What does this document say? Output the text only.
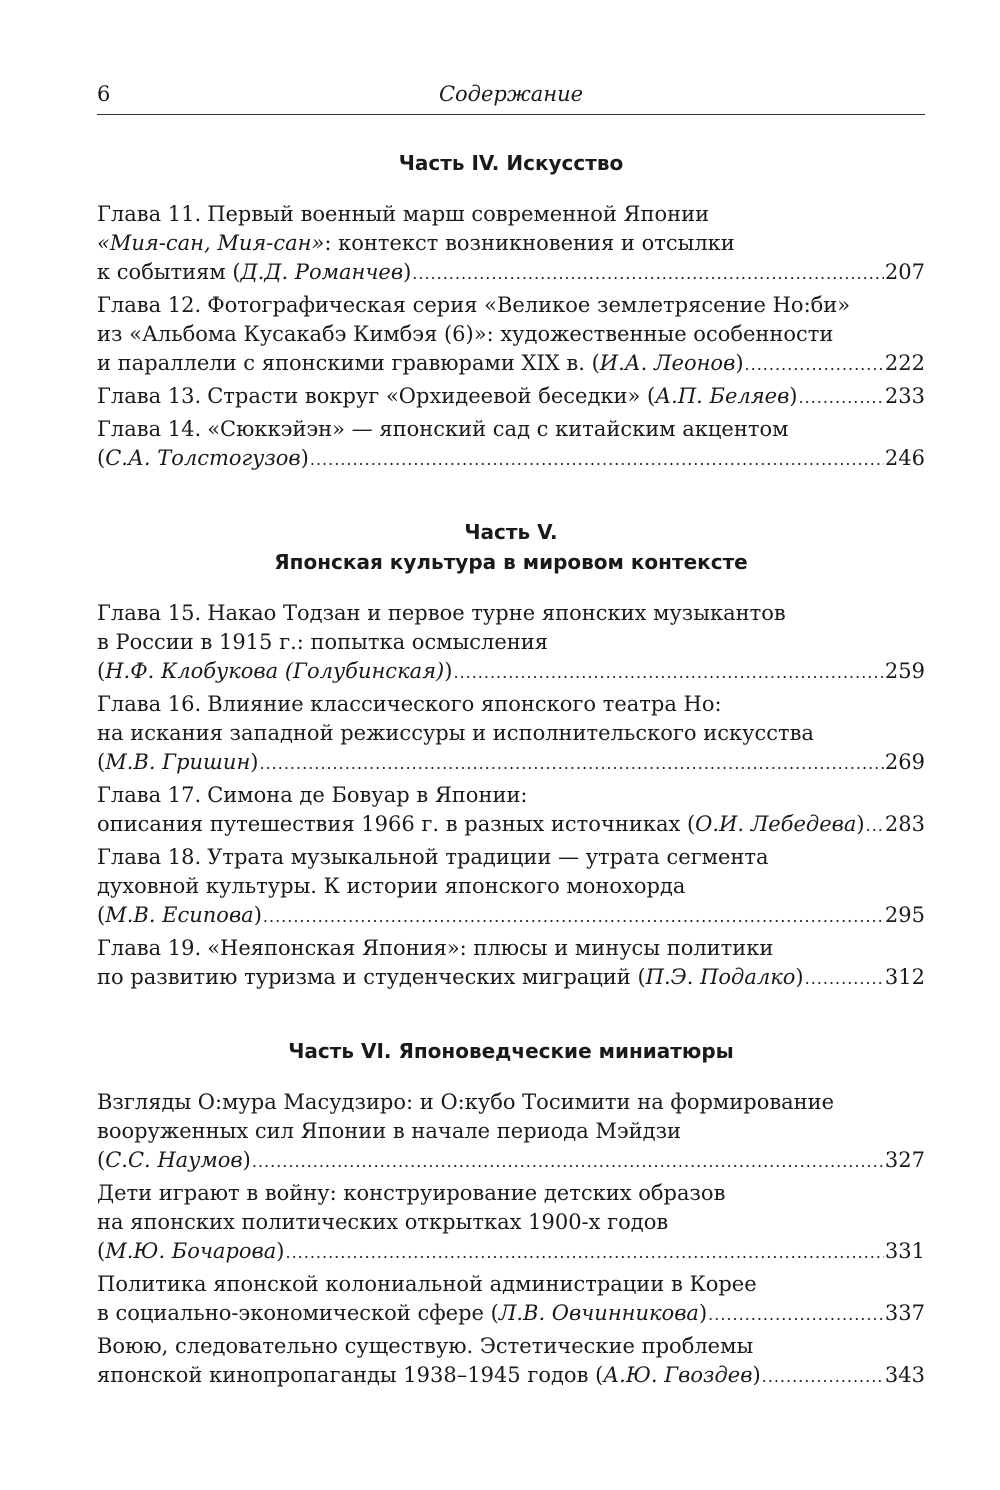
6	Содержание
Часть IV. Искусство
Глава 11. Первый военный марш современной Японии
«Мия-сан, Мия-сан»: контекст возникновения и отсылки
к событиям ( Д.Д. Романчев ) .....	207
Глава 12. Фотографическая серия «Великое землетрясение Но:би»
из «Альбома Кусакабэ Кимбэя (6)»: художественные особенности
и параллели с японскими гравюрами XIX в. ( И.А. Леонов ) .....	222
Глава 13. Страсти вокруг «Орхидеевой беседки» ( А.П. Беляев ) .....	233
Глава 14. «Сюккэйэн» — японский сад с китайским акцентом
( С.А. Толстогузов ) .....	246
Часть V.
Японская культура в мировом контексте
Глава 15. Накао Тодзан и первое турне японских музыкантов
в России в 1915 г.: попытка осмысления
( Н.Ф. Клобукова (Голубинская) ) .....	259
Глава 16. Влияние классического японского театра Но:
на искания западной режиссуры и исполнительского искусства
( М.В. Гришин ) .....	269
Глава 17. Симона де Бовуар в Японии:
описания путешествия 1966 г. в разных источниках ( О.И. Лебедева ) ..... 283
Глава 18. Утрата музыкальной традиции — утрата сегмента
духовной культуры. К истории японского монохорда
( М.В. Есипова ) .....	295
Глава 19. «Неяпонская Япония»: плюсы и минусы политики
по развитию туризма и студенческих миграций ( П.Э. Подалко ) .....	312
Часть VI. Японоведческие миниатюры
Взгляды О:мура Масудзиро: и О:кубо Тосимити на формирование
вооруженных сил Японии в начале периода Мэйдзи
( С.С. Наумов ) .....	327
Дети играют в войну: конструирование детских образов
на японских политических открытках 1900-х годов
( М.Ю. Бочарова ) .....	331
Политика японской колониальной администрации в Корее
в социально-экономической сфере ( Л.В. Овчинникова ) .....	337
Воюю, следовательно существую. Эстетические проблемы
японской кинопропаганды 1938–1945 годов ( А.Ю. Гвоздев ) .....	343
